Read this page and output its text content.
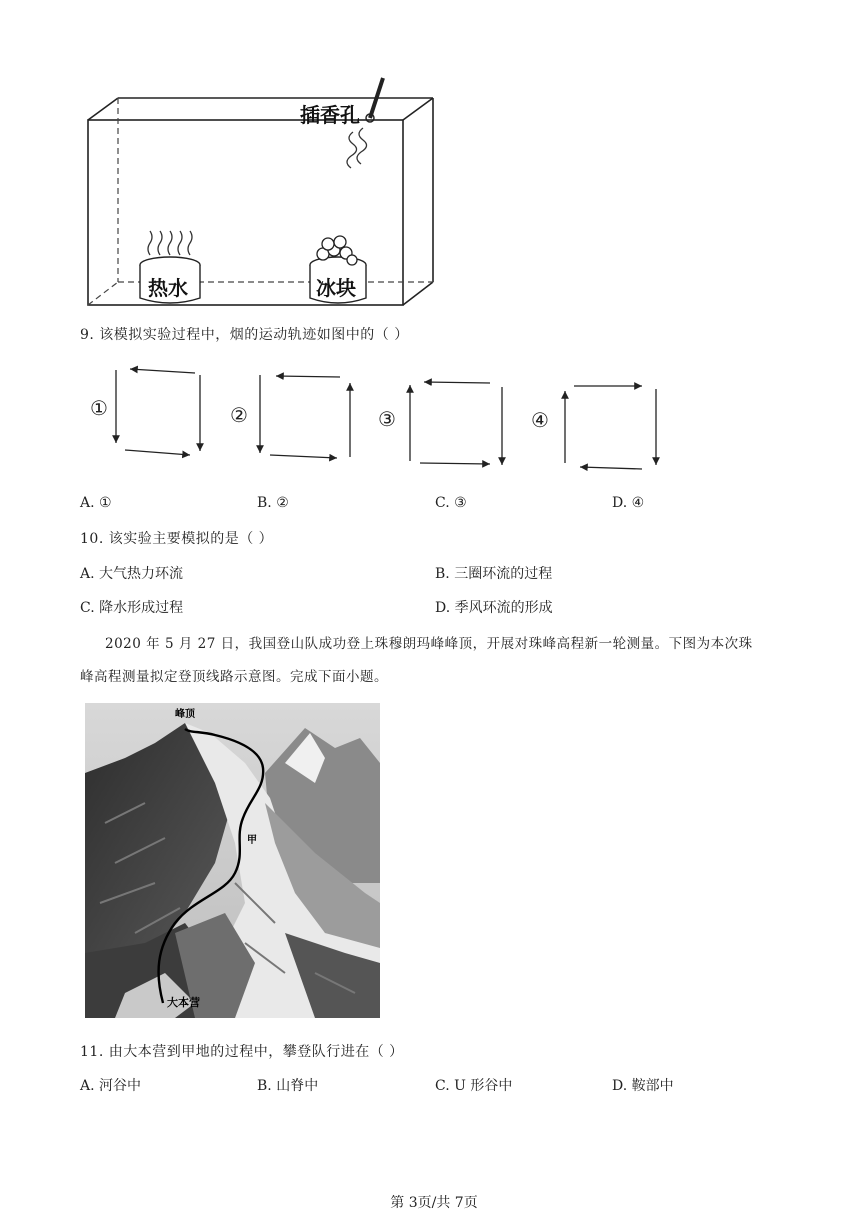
插香孔
热水	冰块
9. 该模拟实验过程中，烟的运动轨迹如图中的（ ）
①	②	③	④
A. ①	B. ②	C. ③	D. ④
10. 该实验主要模拟的是（ ）
A. 大气热力环流	B. 三圈环流的过程
C. 降水形成过程	D. 季风环流的形成
2020 年 5 月 27 日，我国登山队成功登上珠穆朗玛峰峰顶，开展对珠峰高程新一轮测量。下图为本次珠
峰高程测量拟定登顶线路示意图。完成下面小题。
峰顶
甲
大本营
11. 由大本营到甲地的过程中，攀登队行进在（ ）
A. 河谷中	B. 山脊中	C. U 形谷中	D. 鞍部中
第 3页/共 7页
